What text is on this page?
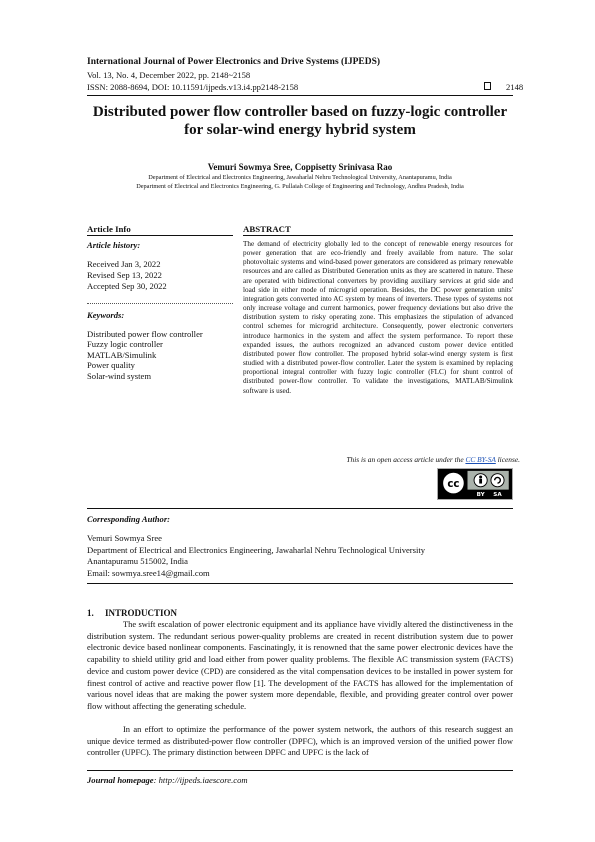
International Journal of Power Electronics and Drive Systems (IJPEDS)
Vol. 13, No. 4, December 2022, pp. 2148~2158
ISSN: 2088-8694, DOI: 10.11591/ijpeds.v13.i4.pp2148-2158	2148
Distributed power flow controller based on fuzzy-logic controller for solar-wind energy hybrid system
Vemuri Sowmya Sree, Coppisetty Srinivasa Rao
Department of Electrical and Electronics Engineering, Jawaharlal Nehru Technological University, Anantapuramu, India
Department of Electrical and Electronics Engineering, G. Pullaiah College of Engineering and Technology, Andhra Pradesh, India
Article Info
Article history:
Received Jan 3, 2022
Revised Sep 13, 2022
Accepted Sep 30, 2022
Keywords:
Distributed power flow controller
Fuzzy logic controller
MATLAB/Simulink
Power quality
Solar-wind system
ABSTRACT
The demand of electricity globally led to the concept of renewable energy resources for power generation that are eco-friendly and freely available from nature. The solar photovoltaic systems and wind-based power generators are considered as primary renewable resources and are called as Distributed Generation units as they are scattered in nature. These are operated with bidirectional converters by providing auxiliary services at grid side and load side in either mode of microgrid operation. Besides, the DC power generation units' integration gets converted into AC system by means of inverters. These types of systems not only increase voltage and current harmonics, power frequency deviations but also drive the distribution system to risky operating zone. This emphasizes the stipulation of advanced control schemes for microgrid architecture. Consequently, power electronic converters introduce harmonics in the system and affect the system performance. To report these expanded issues, the authors recognized an advanced custom power device entitled distributed power flow controller. The proposed hybrid solar-wind energy system is first studied with a distributed power-flow controller. Later the system is examined by replacing proportional integral controller with fuzzy logic controller (FLC) for shunt control of distributed power-flow controller. To validate the investigations, MATLAB/Simulink software is used.
This is an open access article under the CC BY-SA license.
cc
BY SA
Corresponding Author:
Vemuri Sowmya Sree
Department of Electrical and Electronics Engineering, Jawaharlal Nehru Technological University
Anantapuramu 515002, India
Email: sowmya.sree14@gmail.com
1.     INTRODUCTION
The swift escalation of power electronic equipment and its appliance have vividly altered the distinctiveness in the distribution system. The redundant serious power-quality problems are created in recent distribution system due to power electronic device based nonlinear components. Fascinatingly, it is renowned that the same power electronic devices have the capability to shield utility grid and load either from power quality problems. The flexible AC transmission system (FACTS) device and custom power device (CPD) are considered as the vital compensation devices to be installed in power system for finest control of active and reactive power flow [1]. The development of the FACTS has allowed for the implementation of various novel ideas that are making the power system more dependable, flexible, and providing greater control over power flow without affecting the generating schedule.
In an effort to optimize the performance of the power system network, the authors of this research suggest an unique device termed as distributed-power flow controller (DPFC), which is an improved version of the unified power flow controller (UPFC). The primary distinction between DPFC and UPFC is the lack of
Journal homepage: http://ijpeds.iaescore.com
